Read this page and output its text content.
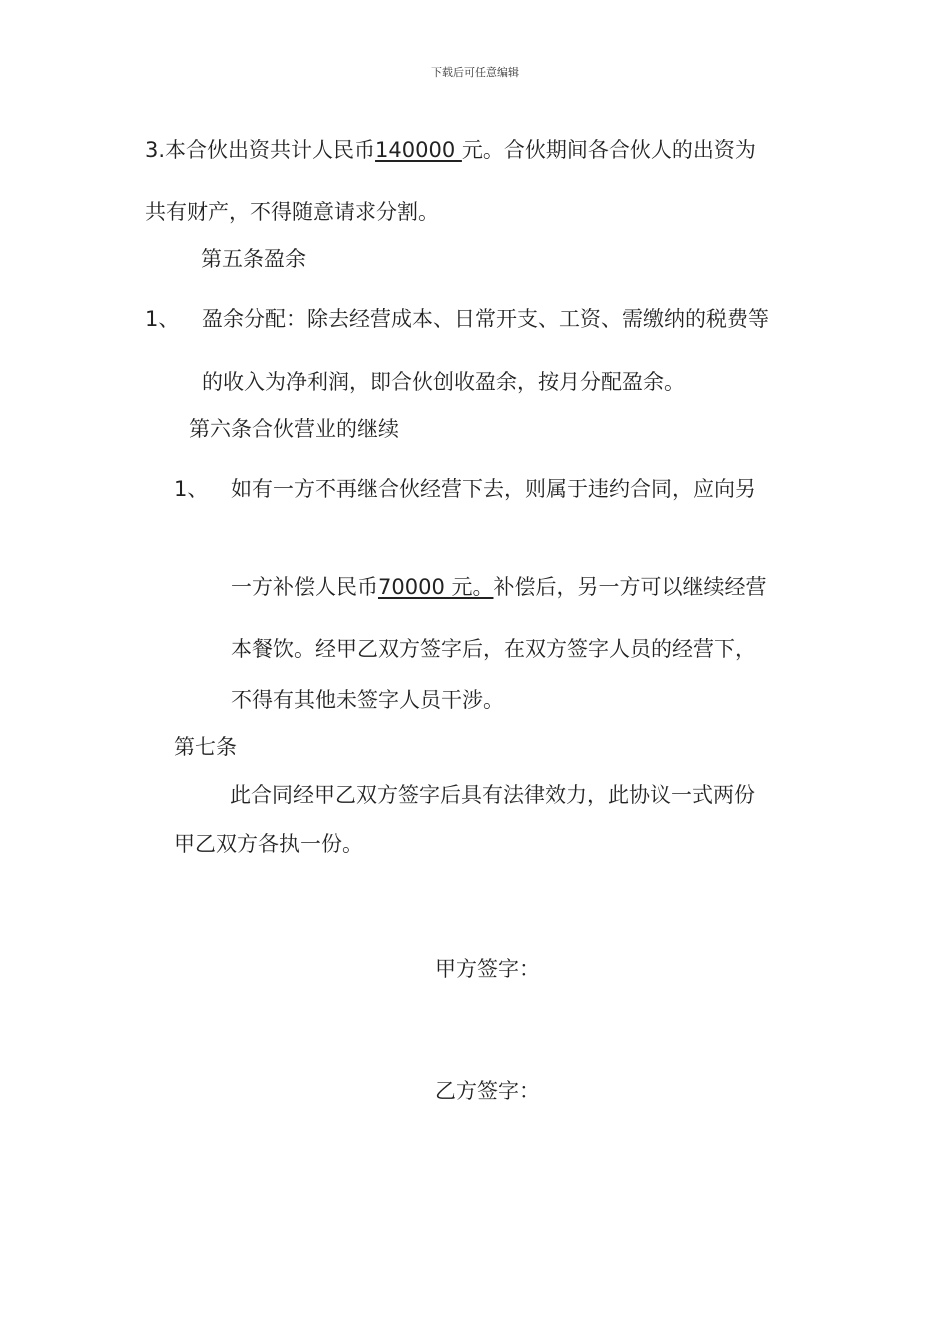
下载后可任意编辑
3.本合伙出资共计人民币140000 元。合伙期间各合伙人的出资为
共有财产，不得随意请求分割。
第五条盈余
1、 盈余分配：除去经营成本、日常开支、工资、需缴纳的税费等
的收入为净利润，即合伙创收盈余，按月分配盈余。
第六条合伙营业的继续
1、 如有一方不再继合伙经营下去，则属于违约合同，应向另
一方补偿人民币70000 元。补偿后，另一方可以继续经营
本餐饮。经甲乙双方签字后，在双方签字人员的经营下，
不得有其他未签字人员干涉。
第七条
此合同经甲乙双方签字后具有法律效力，此协议一式两份
甲乙双方各执一份。
甲方签字：
乙方签字：
